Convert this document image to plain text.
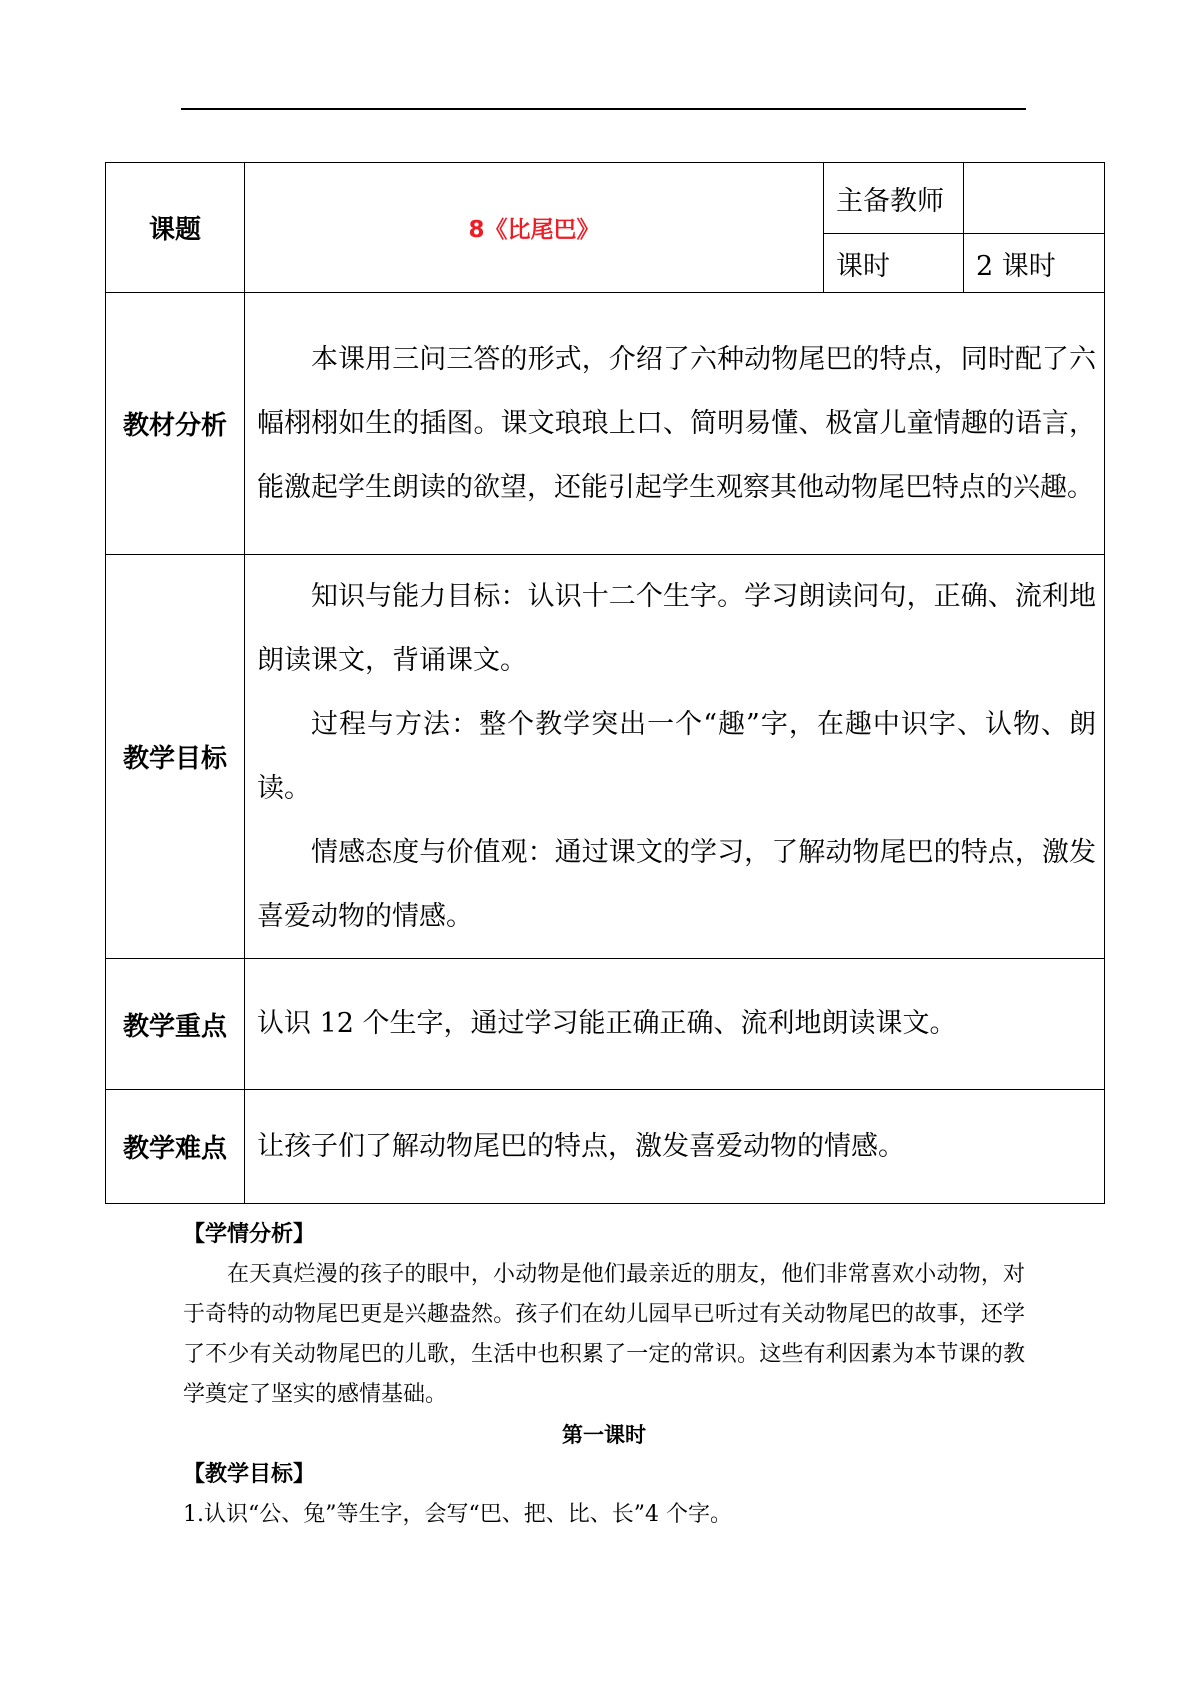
课题	8《比尾巴》	主备教师	
		课时	2 课时
教材分析	本课用三问三答的形式，介绍了六种动物尾巴的特点，同时配了六幅栩栩如生的插图。课文琅琅上口、简明易懂、极富儿童情趣的语言，能激起学生朗读的欲望，还能引起学生观察其他动物尾巴特点的兴趣。		

教学目标	知识与能力目标：认识十二个生字。学习朗读问句，正确、流利地朗读课文，背诵课文。

过程与方法：整个教学突出一个“趣”字，在趣中识字、认物、朗读。

情感态度与价值观：通过课文的学习，了解动物尾巴的特点，激发喜爱动物的情感。		

教学重点	认识 12 个生字，通过学习能正确正确、流利地朗读课文。		

教学难点	让孩子们了解动物尾巴的特点，激发喜爱动物的情感。		

【学情分析】

在天真烂漫的孩子的眼中，小动物是他们最亲近的朋友，他们非常喜欢小动物，对于奇特的动物尾巴更是兴趣盎然。孩子们在幼儿园早已听过有关动物尾巴的故事，还学了不少有关动物尾巴的儿歌，生活中也积累了一定的常识。这些有利因素为本节课的教学奠定了坚实的感情基础。

第一课时

【教学目标】

1.认识“公、兔”等生字，会写“巴、把、比、长”4 个字。
